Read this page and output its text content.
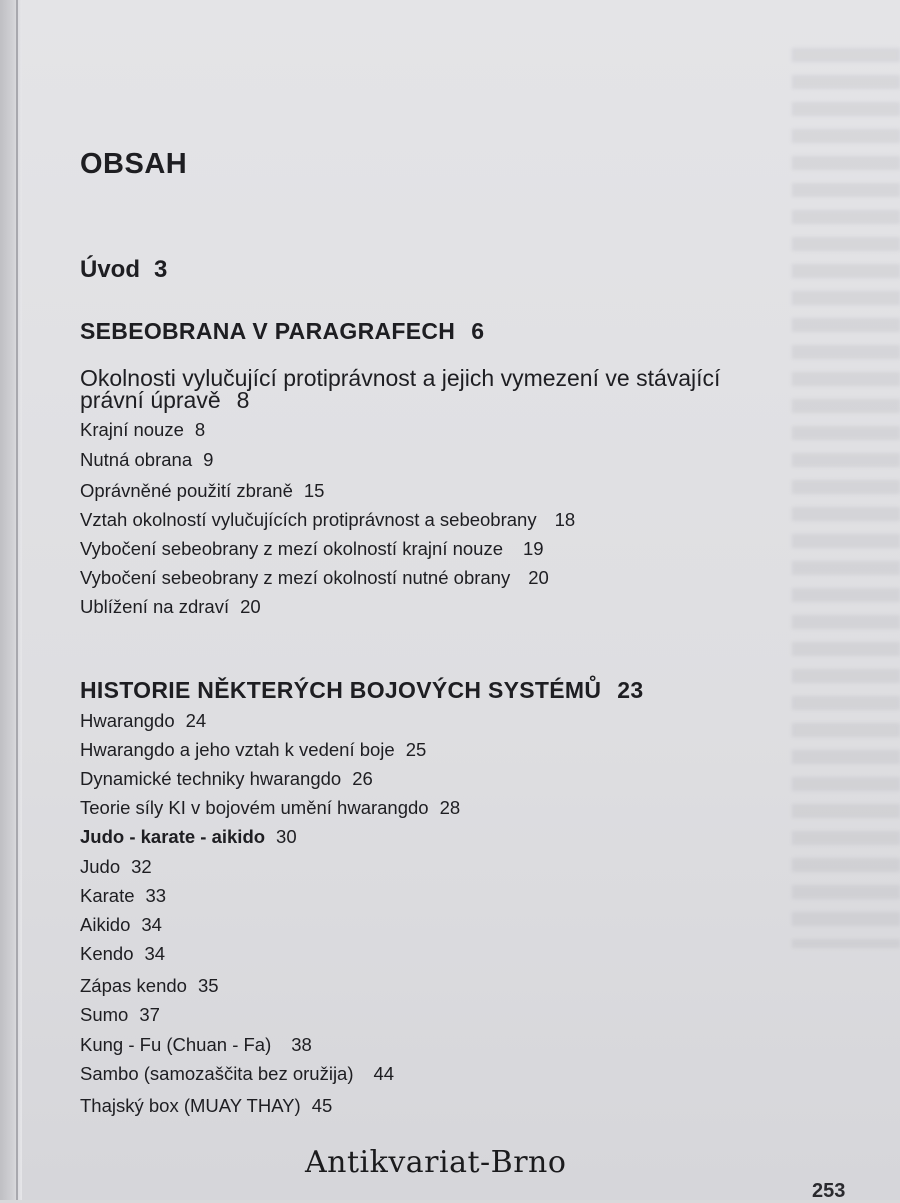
OBSAH
Úvod 3
SEBEOBRANA V PARAGRAFECH 6
Okolnosti vylučující protiprávnost a jejich vymezení ve stávající
právní úpravě 8
Krajní nouze 8
Nutná obrana 9
Oprávněné použití zbraně 15
Vztah okolností vylučujících protiprávnost a sebeobrany 18
Vybočení sebeobrany z mezí okolností krajní nouze 19
Vybočení sebeobrany z mezí okolností nutné obrany 20
Ublížení na zdraví 20
HISTORIE NĚKTERÝCH BOJOVÝCH SYSTÉMŮ 23
Hwarangdo 24
Hwarangdo a jeho vztah k vedení boje 25
Dynamické techniky hwarangdo 26
Teorie síly KI v bojovém umění hwarangdo 28
Judo - karate - aikido 30
Judo 32
Karate 33
Aikido 34
Kendo 34
Zápas kendo 35
Sumo 37
Kung - Fu (Chuan - Fa) 38
Sambo (samozaščita bez oružija) 44
Thajský box (MUAY THAY) 45
Antikvariat-Brno
253
